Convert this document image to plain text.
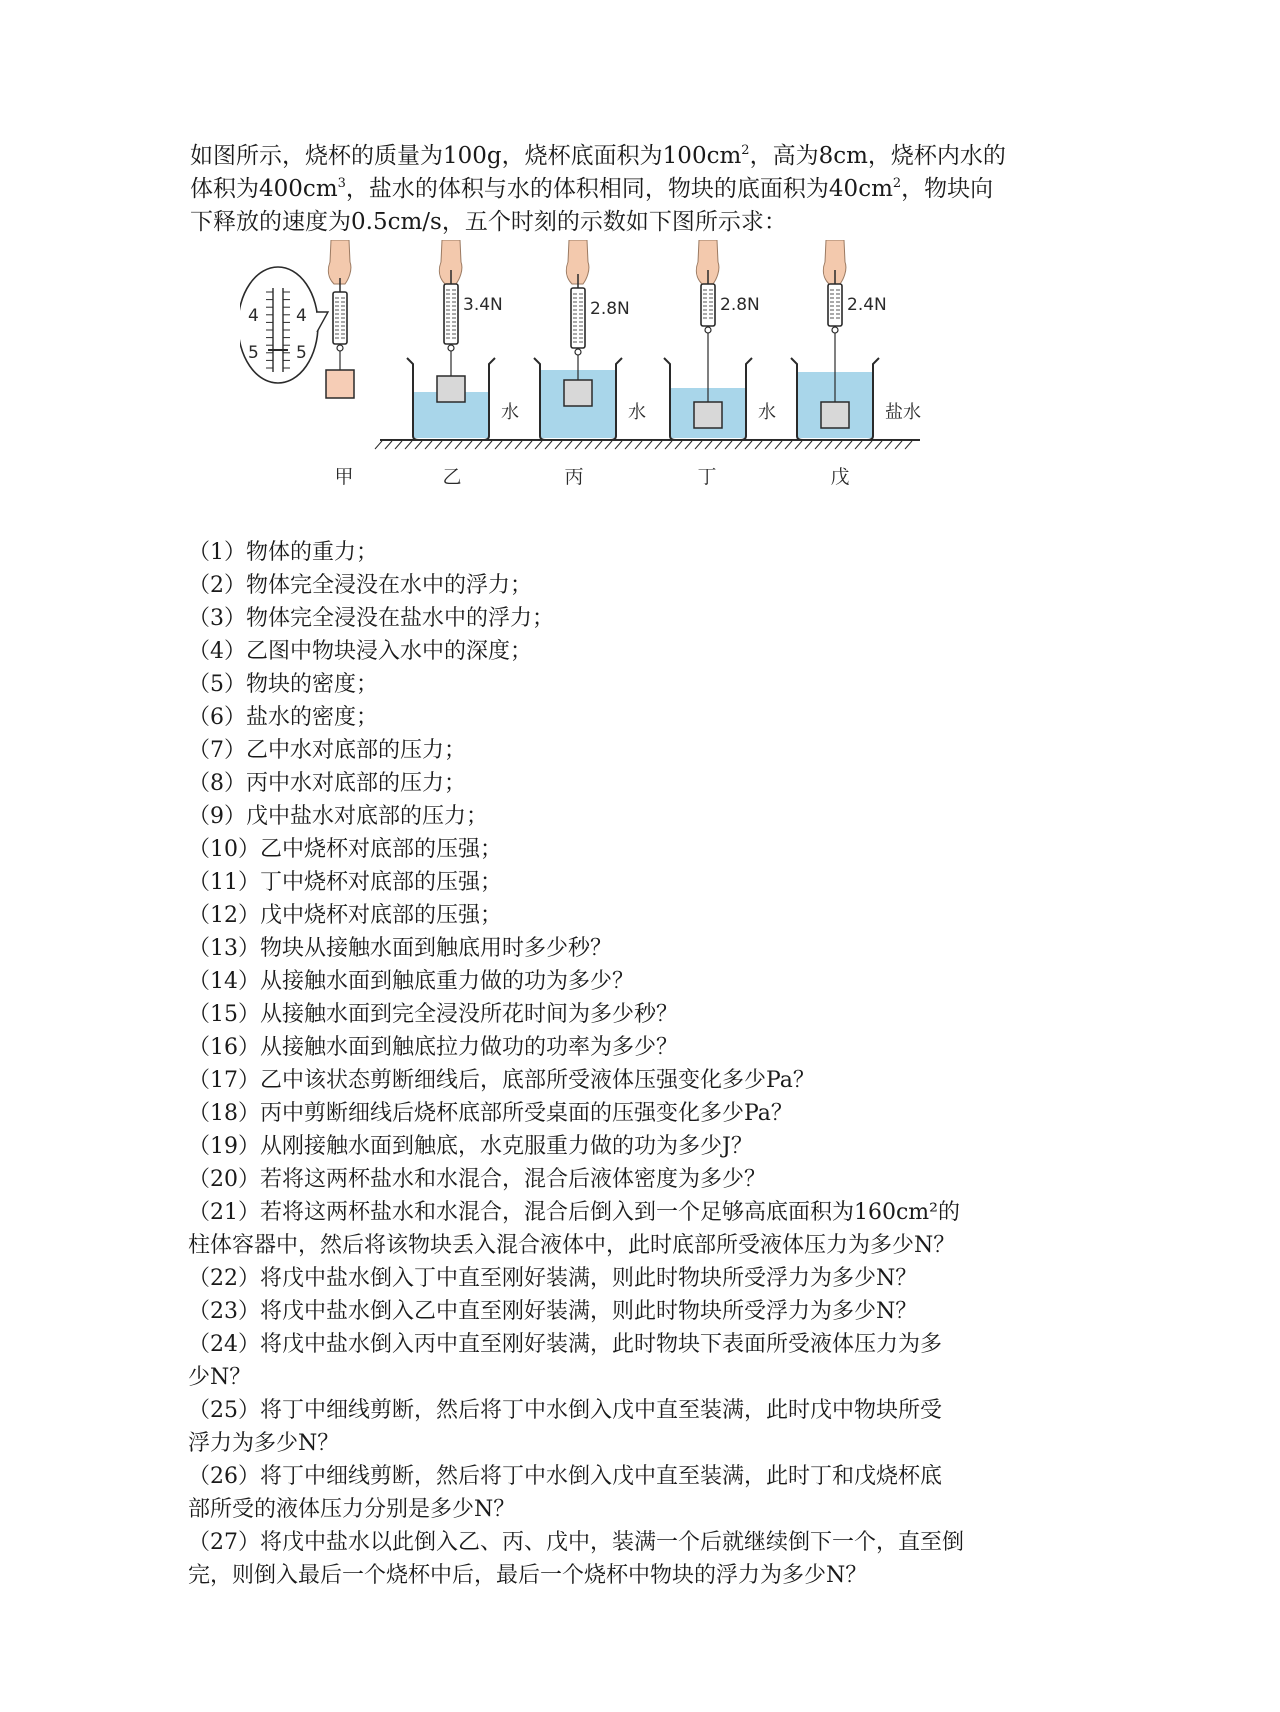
如图所示，烧杯的质量为100g，烧杯底面积为$100cm^2$，高为8cm，烧杯内水的

体积为$400cm^3$，盐水的体积与水的体积相同，物块的底面积为$40cm^2$，物块向

下释放的速度为0.5cm/s，五个时刻的示数如下图所示求：

4
5
4
5
3.4N
水
2.8N
水
2.8N
水
2.4N
盐水
甲	乙	丙	丁	戊
（1）物体的重力；
（2）物体完全浸没在水中的浮力；
（3）物体完全浸没在盐水中的浮力；
（4）乙图中物块浸入水中的深度；
（5）物块的密度；
（6）盐水的密度；
（7）乙中水对底部的压力；
（8）丙中水对底部的压力；
（9）戊中盐水对底部的压力；
（10）乙中烧杯对底部的压强；
（11）丁中烧杯对底部的压强；
（12）戊中烧杯对底部的压强；
（13）物块从接触水面到触底用时多少秒？
（14）从接触水面到触底重力做的功为多少？
（15）从接触水面到完全浸没所花时间为多少秒？
（16）从接触水面到触底拉力做功的功率为多少？
（17）乙中该状态剪断细线后，底部所受液体压强变化多少Pa？
（18）丙中剪断细线后烧杯底部所受桌面的压强变化多少Pa？
（19）从刚接触水面到触底，水克服重力做的功为多少J？
（20）若将这两杯盐水和水混合，混合后液体密度为多少？
（21）若将这两杯盐水和水混合，混合后倒入到一个足够高底面积为160cm²的
柱体容器中，然后将该物块丢入混合液体中，此时底部所受液体压力为多少N？
（22）将戊中盐水倒入丁中直至刚好装满，则此时物块所受浮力为多少N？
（23）将戊中盐水倒入乙中直至刚好装满，则此时物块所受浮力为多少N？
（24）将戊中盐水倒入丙中直至刚好装满，此时物块下表面所受液体压力为多
少N？
（25）将丁中细线剪断，然后将丁中水倒入戊中直至装满，此时戊中物块所受
浮力为多少N？
（26）将丁中细线剪断，然后将丁中水倒入戊中直至装满，此时丁和戊烧杯底
部所受的液体压力分别是多少N？
（27）将戊中盐水以此倒入乙、丙、戊中，装满一个后就继续倒下一个，直至倒
完，则倒入最后一个烧杯中后，最后一个烧杯中物块的浮力为多少N？
